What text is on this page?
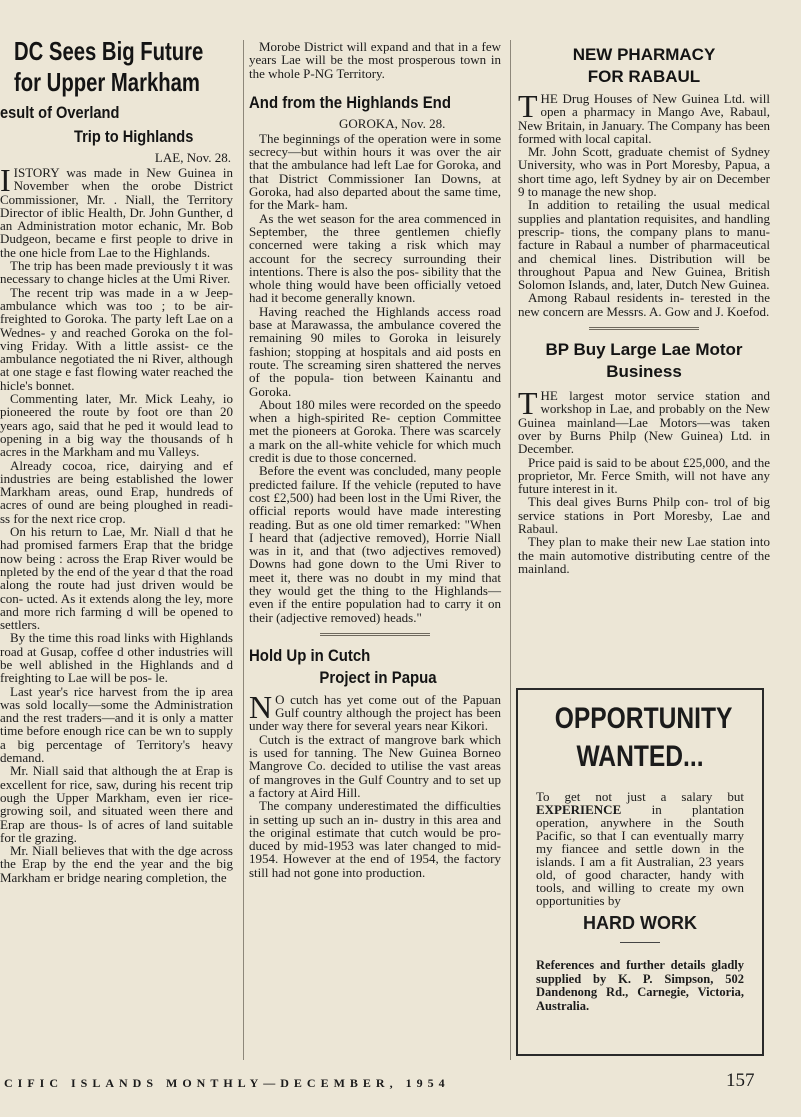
DC Sees Big Future for Upper Markham
esult of Overland
Trip to Highlands
LAE, Nov. 28.

IISTORY was made in New Guinea in November when the orobe District Commissioner, Mr. . Niall, the Territory Director of iblic Health, Dr. John Gunther, d an Administration motor echanic, Mr. Bob Dudgeon, became e first people to drive in the one hicle from Lae to the Highlands.

The trip has been made previously t it was necessary to change hicles at the Umi River.

The recent trip was made in a w Jeep-ambulance which was too ; to be air-freighted to Goroka. The party left Lae on a Wednes- y and reached Goroka on the fol- ving Friday. With a little assist- ce the ambulance negotiated the ni River, although at one stage e fast flowing water reached the hicle's bonnet.

Commenting later, Mr. Mick Leahy, io pioneered the route by foot ore than 20 years ago, said that he ped it would lead to opening in a big way the thousands of h acres in the Markham and mu Valleys.

Already cocoa, rice, dairying and ef industries are being established the lower Markham areas, ound Erap, hundreds of acres of ound are being ploughed in readi- ss for the next rice crop.

On his return to Lae, Mr. Niall d that he had promised farmers Erap that the bridge now being : across the Erap River would be npleted by the end of the year d that the road along the route had just driven would be con- ucted. As it extends along the ley, more and more rich farming d will be opened to settlers.

By the time this road links with Highlands road at Gusap, coffee d other industries will be well ablished in the Highlands and d freighting to Lae will be pos- le.

Last year's rice harvest from the ip area was sold locally—some the Administration and the rest traders—and it is only a matter time before enough rice can be wn to supply a big percentage of Territory's heavy demand.

Mr. Niall said that although the at Erap is excellent for rice, saw, during his recent trip ough the Upper Markham, even ier rice-growing soil, and situated ween there and Erap are thous- ls of acres of land suitable for tle grazing.

Mr. Niall believes that with the dge across the Erap by the end the year and the big Markham er bridge nearing completion, the

Morobe District will expand and that in a few years Lae will be the most prosperous town in the whole P-NG Territory.

And from the Highlands End
GOROKA, Nov. 28.

The beginnings of the operation were in some secrecy—but within hours it was over the air that the ambulance had left Lae for Goroka, and that District Commissioner Ian Downs, at Goroka, had also departed about the same time, for the Mark- ham.

As the wet season for the area commenced in September, the three gentlemen chiefly concerned were taking a risk which may account for the secrecy surrounding their intentions. There is also the pos- sibility that the whole thing would have been officially vetoed had it become generally known.

Having reached the Highlands access road base at Marawassa, the ambulance covered the remaining 90 miles to Goroka in leisurely fashion; stopping at hospitals and aid posts en route. The screaming siren shattered the nerves of the popula- tion between Kainantu and Goroka.

About 180 miles were recorded on the speedo when a high-spirited Re- ception Committee met the pioneers at Goroka. There was scarcely a mark on the all-white vehicle for which much credit is due to those concerned.

Before the event was concluded, many people predicted failure. If the vehicle (reputed to have cost £2,500) had been lost in the Umi River, the official reports would have made interesting reading. But as one old timer remarked: "When I heard that (adjective removed), Horrie Niall was in it, and that (two adjectives removed) Downs had gone down to the Umi River to meet it, there was no doubt in my mind that they would get the thing to the Highlands—even if the entire population had to carry it on their (adjective removed) heads."

Hold Up in Cutch
Project in Papua

N O cutch has yet come out of the Papuan Gulf country although the project has been under way there for several years near Kikori.

Cutch is the extract of mangrove bark which is used for tanning. The New Guinea Borneo Mangrove Co. decided to utilise the vast areas of mangroves in the Gulf Country and to set up a factory at Aird Hill.

The company underestimated the difficulties in setting up such an in- dustry in this area and the original estimate that cutch would be pro- duced by mid-1953 was later changed to mid-1954. However at the end of 1954, the factory still had not gone into production.

NEW PHARMACY FOR RABAUL

THE Drug Houses of New Guinea Ltd. will open a pharmacy in Mango Ave, Rabaul, New Britain, in January. The Company has been formed with local capital.

Mr. John Scott, graduate chemist of Sydney University, who was in Port Moresby, Papua, a short time ago, left Sydney by air on December 9 to manage the new shop.

In addition to retailing the usual medical supplies and plantation requisites, and handling prescrip- tions, the company plans to manu- facture in Rabaul a number of pharmaceutical and chemical lines. Distribution will be throughout Papua and New Guinea, British Solomon Islands, and, later, Dutch New Guinea.

Among Rabaul residents in- terested in the new concern are Messrs. A. Gow and J. Koefod.

BP Buy Large Lae Motor Business

THE largest motor service station and workshop in Lae, and probably on the New Guinea mainland—Lae Motors—was taken over by Burns Philp (New Guinea) Ltd. in December.

Price paid is said to be about £25,000, and the proprietor, Mr. Ferce Smith, will not have any future interest in it.

This deal gives Burns Philp con- trol of big service stations in Port Moresby, Lae and Rabaul.

They plan to make their new Lae station into the main automotive distributing centre of the mainland.

OPPORTUNITY
WANTED...

To get not just a salary but EXPERIENCE in plantation operation, anywhere in the South Pacific, so that I can eventually marry my fiancee and settle down in the islands. I am a fit Australian, 23 years old, of good character, handy with tools, and willing to create my own opportunities by

HARD WORK

References and further details gladly supplied by K. P. Simpson, 502 Dandenong Rd., Carnegie, Victoria, Australia.

CIFIC ISLANDS MONTHLY—DECEMBER, 1954	157
